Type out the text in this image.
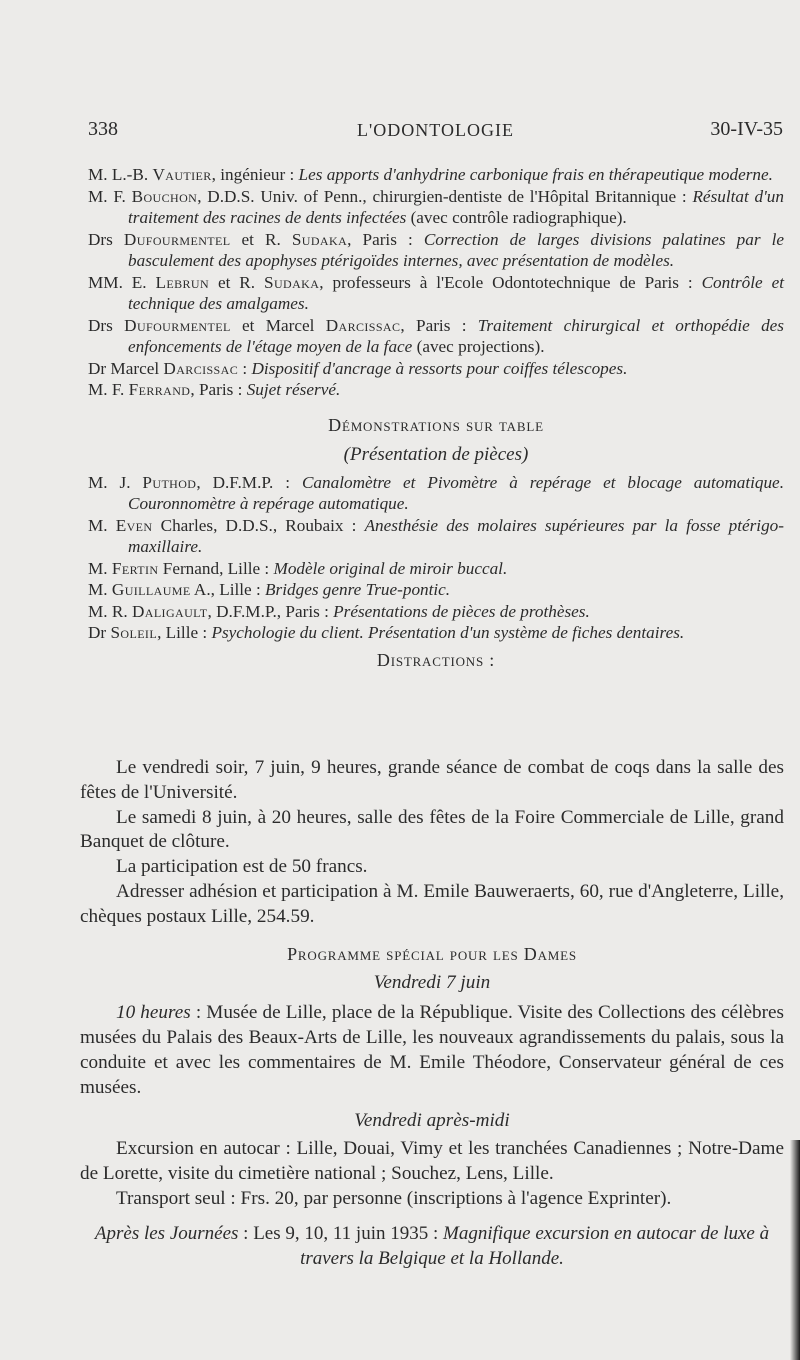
338	L'ODONTOLOGIE	30-IV-35

M. L.-B. Vautier, ingénieur : Les apports d'anhydrine carbonique frais en thérapeutique moderne.

M. F. Bouchon, D.D.S. Univ. of Penn., chirurgien-dentiste de l'Hôpital Britannique : Résultat d'un traitement des racines de dents infectées (avec contrôle radiographique).

Drs Dufourmentel et R. Sudaka, Paris : Correction de larges divisions palatines par le basculement des apophyses ptérigoïdes internes, avec présentation de modèles.

MM. E. Lebrun et R. Sudaka, professeurs à l'Ecole Odontotechnique de Paris : Contrôle et technique des amalgames.

Drs Dufourmentel et Marcel Darcissac, Paris : Traitement chirurgical et orthopédie des enfoncements de l'étage moyen de la face (avec projections).

Dr Marcel Darcissac : Dispositif d'ancrage à ressorts pour coiffes télescopes.

M. F. Ferrand, Paris : Sujet réservé.

Démonstrations sur table

(Présentation de pièces)

M. J. Puthod, D.F.M.P. : Canalomètre et Pivomètre à repérage et blocage automatique. Couronnomètre à repérage automatique.

M. Even Charles, D.D.S., Roubaix : Anesthésie des molaires supérieures par la fosse ptérigo-maxillaire.

M. Fertin Fernand, Lille : Modèle original de miroir buccal.

M. Guillaume A., Lille : Bridges genre True-pontic.

M. R. Daligault, D.F.M.P., Paris : Présentations de pièces de prothèses.

Dr Soleil, Lille : Psychologie du client. Présentation d'un système de fiches dentaires.

Distractions :

Le vendredi soir, 7 juin, 9 heures, grande séance de combat de coqs dans la salle des fêtes de l'Université.

Le samedi 8 juin, à 20 heures, salle des fêtes de la Foire Commerciale de Lille, grand Banquet de clôture.

La participation est de 50 francs.

Adresser adhésion et participation à M. Emile Bauweraerts, 60, rue d'Angleterre, Lille, chèques postaux Lille, 254.59.

Programme spécial pour les Dames

Vendredi 7 juin

10 heures : Musée de Lille, place de la République. Visite des Collections des célèbres musées du Palais des Beaux-Arts de Lille, les nouveaux agrandissements du palais, sous la conduite et avec les commentaires de M. Emile Théodore, Conservateur général de ces musées.

Vendredi après-midi

Excursion en autocar : Lille, Douai, Vimy et les tranchées Canadiennes ; Notre-Dame de Lorette, visite du cimetière national ; Souchez, Lens, Lille.

Transport seul : Frs. 20, par personne (inscriptions à l'agence Exprinter).

Après les Journées : Les 9, 10, 11 juin 1935 : Magnifique excursion en autocar de luxe à travers la Belgique et la Hollande.
